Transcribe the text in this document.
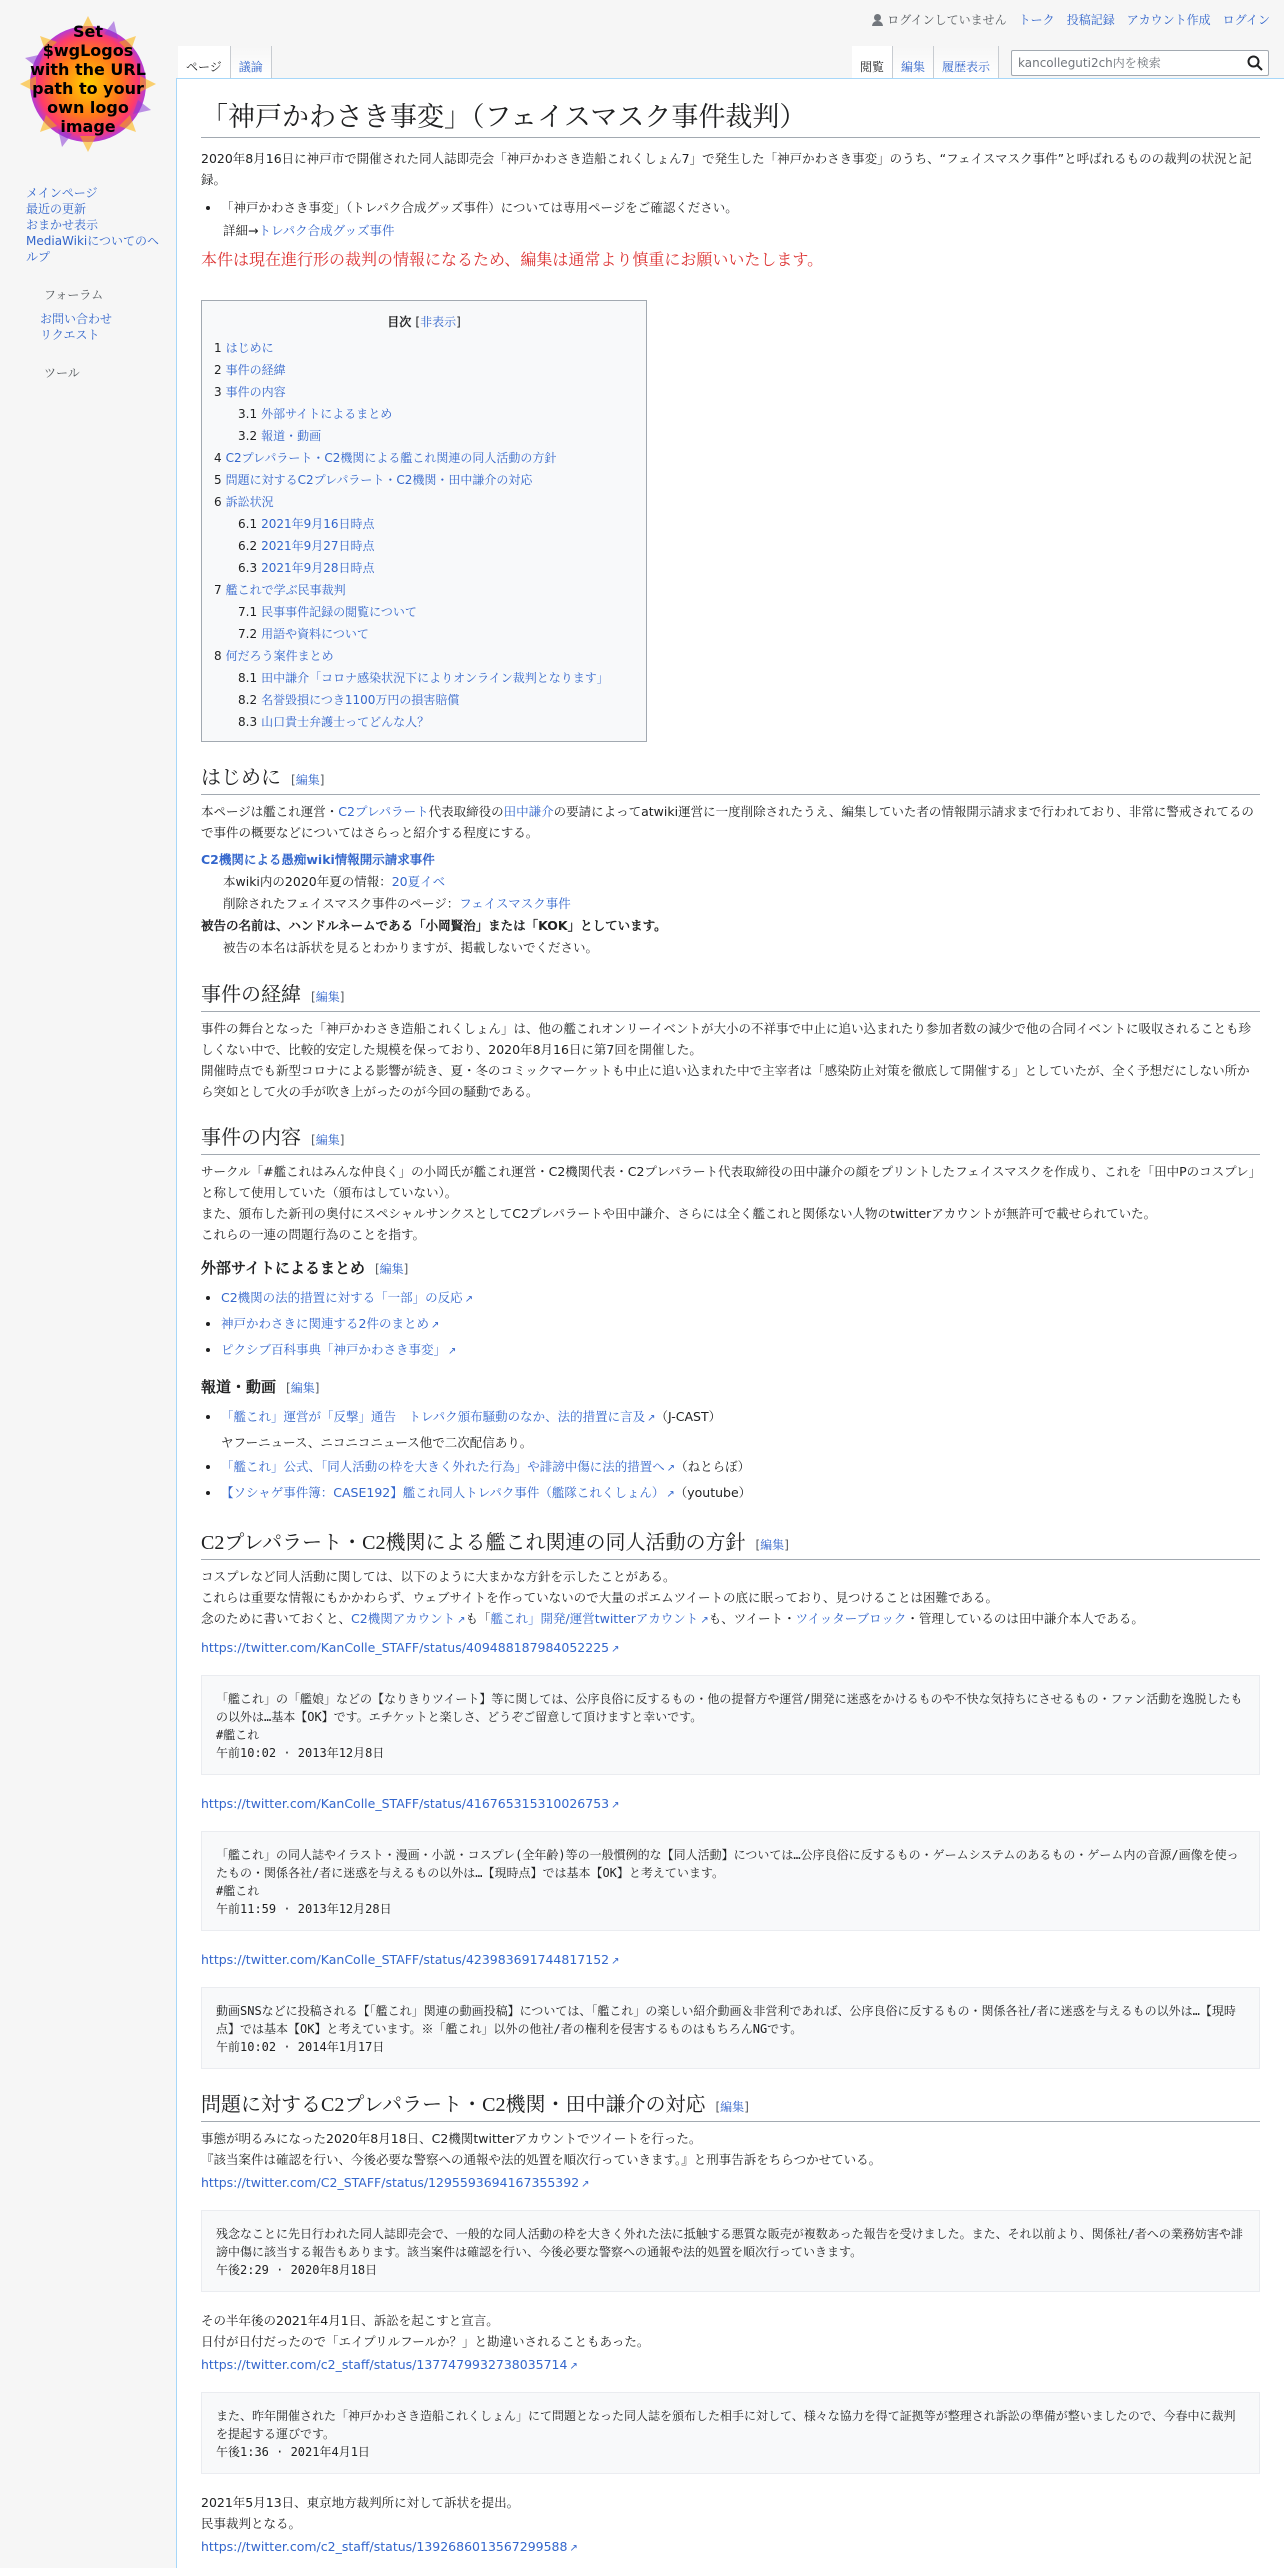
ログインしていません トーク 投稿記録 アカウント作成 ログイン
Set
$wgLogos
with the URL
path to your
own logo
image
メインページ
最近の更新
おまかせ表示
MediaWikiについてのヘルプ
フォーラム
お問い合わせ
リクエスト
ツール
ページ	議論	閲覧	編集	履歴表示
kancolleguti2ch内を検索
「神戸かわさき事変」（フェイスマスク事件裁判）

2020年8月16日に神戸市で開催された同人誌即売会「神戸かわさき造船これくしょん7」で発生した「神戸かわさき事変」のうち、“フェイスマスク事件”と呼ばれるものの裁判の状況と記録。

• 「神戸かわさき事変」（トレパク合成グッズ事件）については専用ページをご確認ください。
詳細→トレパク合成グッズ事件
本件は現在進行形の裁判の情報になるため、編集は通常より慎重にお願いいたします。
目次 [非表示]
1 はじめに
2 事件の経緯
3 事件の内容
3.1 外部サイトによるまとめ
3.2 報道・動画
4 C2プレパラート・C2機関による艦これ関連の同人活動の方針
5 問題に対するC2プレパラート・C2機関・田中謙介の対応
6 訴訟状況
6.1 2021年9月16日時点
6.2 2021年9月27日時点
6.3 2021年9月28日時点
7 艦これで学ぶ民事裁判
7.1 民事事件記録の閲覧について
7.2 用語や資料について
8 何だろう案件まとめ
8.1 田中謙介「コロナ感染状況下によりオンライン裁判となります」
8.2 名誉毀損につき1100万円の損害賠償
8.3 山口貴士弁護士ってどんな人？
はじめに [編集]

本ページは艦これ運営・C2プレパラート代表取締役の田中謙介の要請によってatwiki運営に一度削除されたうえ、編集していた者の情報開示請求まで行われており、非常に警戒されてるので事件の概要などについてはさらっと紹介する程度にする。

C2機関による愚痴wiki情報開示請求事件
本wiki内の2020年夏の情報：20夏イベ
削除されたフェイスマスク事件のページ：フェイスマスク事件
被告の名前は、ハンドルネームである「小岡賢治」または「KOK」としています。
被告の本名は訴状を見るとわかりますが、掲載しないでください。
事件の経緯 [編集]

事件の舞台となった「神戸かわさき造船これくしょん」は、他の艦これオンリーイベントが大小の不祥事で中止に追い込まれたり参加者数の減少で他の合同イベントに吸収されることも珍しくない中で、比較的安定した規模を保っており、2020年8月16日に第7回を開催した。

開催時点でも新型コロナによる影響が続き、夏・冬のコミックマーケットも中止に追い込まれた中で主宰者は「感染防止対策を徹底して開催する」としていたが、全く予想だにしない所から突如として火の手が吹き上がったのが今回の騒動である。

事件の内容 [編集]

サークル「#艦これはみんな仲良く」の小岡氏が艦これ運営・C2機関代表・C2プレパラート代表取締役の田中謙介の顔をプリントしたフェイスマスクを作成り、これを「田中Pのコスプレ」と称して使用していた（頒布はしていない）。

また、頒布した新刊の奥付にスペシャルサンクスとしてC2プレパラートや田中謙介、さらには全く艦これと関係ない人物のtwitterアカウントが無許可で載せられていた。

これらの一連の問題行為のことを指す。

外部サイトによるまとめ [編集]
• C2機関の法的措置に対する「一部」の反応 ↗
• 神戸かわさきに関連する2件のまとめ ↗
• ピクシブ百科事典「神戸かわさき事変」 ↗
報道・動画 [編集]
• 「艦これ」運営が「反撃」通告　トレパク頒布騒動のなか、法的措置に言及 ↗ （J-CAST）
ヤフーニュース、ニコニコニュース他で二次配信あり。
• 「艦これ」公式、「同人活動の枠を大きく外れた行為」や誹謗中傷に法的措置へ ↗ （ねとらぼ）
• 【ソシャゲ事件簿：CASE192】艦これ同人トレパク事件（艦隊これくしょん） ↗ （youtube）
C2プレパラート・C2機関による艦これ関連の同人活動の方針 [編集]

コスプレなど同人活動に関しては、以下のように大まかな方針を示したことがある。

これらは重要な情報にもかかわらず、ウェブサイトを作っていないので大量のポエムツイートの底に眠っており、見つけることは困難である。

念のために書いておくと、C2機関アカウント ↗ も「艦これ」開発/運営twitterアカウント ↗ も、ツイート・ツイッターブロック・管理しているのは田中謙介本人である。

https://twitter.com/KanColle_STAFF/status/409488187984052225 ↗
「艦これ」の「艦娘」などの【なりきりツイート】等に関しては、公序良俗に反するもの・他の提督方や運営/開発に迷惑をかけるものや不快な気持ちにさせるもの・ファン活動を逸脱したもの以外は…基本【OK】です。エチケットと楽しさ、どうぞご留意して頂けますと幸いです。
#艦これ
午前10:02 · 2013年12月8日
https://twitter.com/KanColle_STAFF/status/416765315310026753 ↗
「艦これ」の同人誌やイラスト・漫画・小説・コスプレ(全年齢)等の一般慣例的な【同人活動】については…公序良俗に反するもの・ゲームシステムのあるもの・ゲーム内の音源/画像を使ったもの・関係各社/者に迷惑を与えるもの以外は…【現時点】では基本【OK】と考えています。
#艦これ
午前11:59 · 2013年12月28日
https://twitter.com/KanColle_STAFF/status/423983691744817152 ↗
動画SNSなどに投稿される【「艦これ」関連の動画投稿】については、「艦これ」の楽しい紹介動画＆非営利であれば、公序良俗に反するもの・関係各社/者に迷惑を与えるもの以外は…【現時点】では基本【OK】と考えています。※「艦これ」以外の他社/者の権利を侵害するものはもちろんNGです。
午前10:02 · 2014年1月17日
問題に対するC2プレパラート・C2機関・田中謙介の対応 [編集]

事態が明るみになった2020年8月18日、C2機関twitterアカウントでツイートを行った。

『該当案件は確認を行い、今後必要な警察への通報や法的処置を順次行っていきます。』と刑事告訴をちらつかせている。

https://twitter.com/C2_STAFF/status/1295593694167355392 ↗
残念なことに先日行われた同人誌即売会で、一般的な同人活動の枠を大きく外れた法に抵触する悪質な販売が複数あった報告を受けました。また、それ以前より、関係社/者への業務妨害や誹謗中傷に該当する報告もあります。該当案件は確認を行い、今後必要な警察への通報や法的処置を順次行っていきます。
午後2:29 · 2020年8月18日

その半年後の2021年4月1日、訴訟を起こすと宣言。

日付が日付だったので「エイプリルフールか？」と勘違いされることもあった。

https://twitter.com/c2_staff/status/1377479932738035714 ↗
また、昨年開催された「神戸かわさき造船これくしょん」にて問題となった同人誌を頒布した相手に対して、様々な協力を得て証拠等が整理され訴訟の準備が整いましたので、今春中に裁判を提起する運びです。
午後1:36 · 2021年4月1日

2021年5月13日、東京地方裁判所に対して訴状を提出。

民事裁判となる。

https://twitter.com/c2_staff/status/1392686013567299588 ↗
